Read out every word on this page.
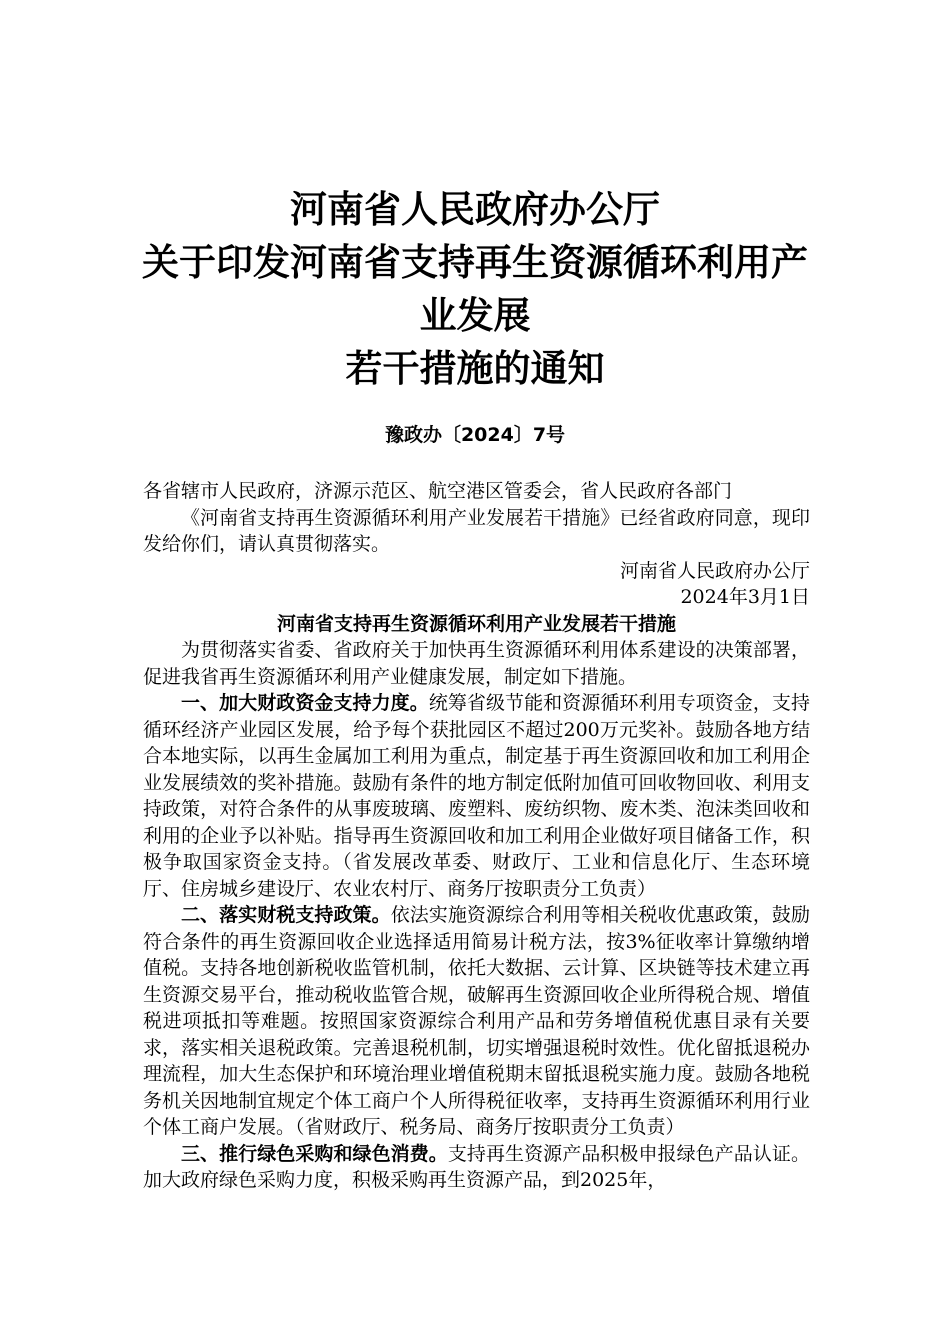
河南省人民政府办公厅
关于印发河南省支持再生资源循环利用产
业发展
若干措施的通知
豫政办〔2024〕7号

各省辖市人民政府，济源示范区、航空港区管委会，省人民政府各部门

《河南省支持再生资源循环利用产业发展若干措施》已经省政府同意，现印发给你们，请认真贯彻落实。

河南省人民政府办公厅

2024年3月1日

河南省支持再生资源循环利用产业发展若干措施

为贯彻落实省委、省政府关于加快再生资源循环利用体系建设的决策部署，促进我省再生资源循环利用产业健康发展，制定如下措施。

一、加大财政资金支持力度。统筹省级节能和资源循环利用专项资金，支持循环经济产业园区发展，给予每个获批园区不超过200万元奖补。鼓励各地方结合本地实际，以再生金属加工利用为重点，制定基于再生资源回收和加工利用企业发展绩效的奖补措施。鼓励有条件的地方制定低附加值可回收物回收、利用支持政策，对符合条件的从事废玻璃、废塑料、废纺织物、废木类、泡沫类回收和利用的企业予以补贴。指导再生资源回收和加工利用企业做好项目储备工作，积极争取国家资金支持。（省发展改革委、财政厅、工业和信息化厅、生态环境厅、住房城乡建设厅、农业农村厅、商务厅按职责分工负责）

二、落实财税支持政策。依法实施资源综合利用等相关税收优惠政策，鼓励符合条件的再生资源回收企业选择适用简易计税方法，按3%征收率计算缴纳增值税。支持各地创新税收监管机制，依托大数据、云计算、区块链等技术建立再生资源交易平台，推动税收监管合规，破解再生资源回收企业所得税合规、增值税进项抵扣等难题。按照国家资源综合利用产品和劳务增值税优惠目录有关要求，落实相关退税政策。完善退税机制，切实增强退税时效性。优化留抵退税办理流程，加大生态保护和环境治理业增值税期末留抵退税实施力度。鼓励各地税务机关因地制宜规定个体工商户个人所得税征收率，支持再生资源循环利用行业个体工商户发展。（省财政厅、税务局、商务厅按职责分工负责）

三、推行绿色采购和绿色消费。支持再生资源产品积极申报绿色产品认证。加大政府绿色采购力度，积极采购再生资源产品，到2025年，
